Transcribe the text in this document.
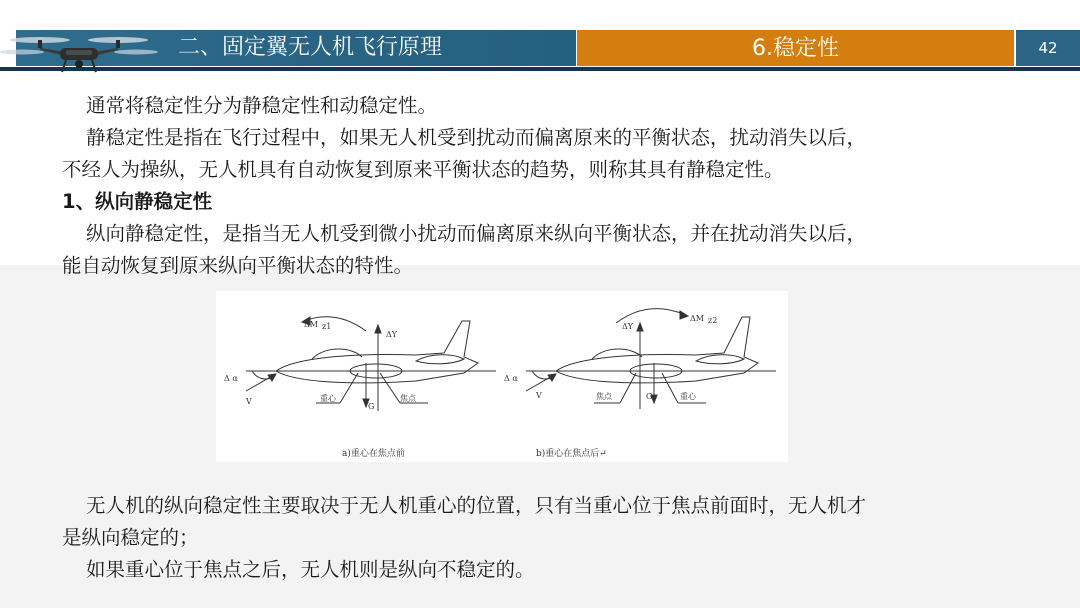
二、固定翼无人机飞行原理	6.稳定性	42
通常将稳定性分为静稳定性和动稳定性。
静稳定性是指在飞行过程中，如果无人机受到扰动而偏离原来的平衡状态，扰动消失以后，
不经人为操纵，无人机具有自动恢复到原来平衡状态的趋势，则称其具有静稳定性。
1、纵向静稳定性
纵向静稳定性，是指当无人机受到微小扰动而偏离原来纵向平衡状态，并在扰动消失以后，
能自动恢复到原来纵向平衡状态的特性。
ΔM z1
ΔY
Δ α
V	重心
G
焦点
a)重心在焦点前
ΔM z2
ΔY
Δ α
V	焦点	G	重心
b)重心在焦点后↵
无人机的纵向稳定性主要取决于无人机重心的位置，只有当重心位于焦点前面时，无人机才
是纵向稳定的；
如果重心位于焦点之后，无人机则是纵向不稳定的。
